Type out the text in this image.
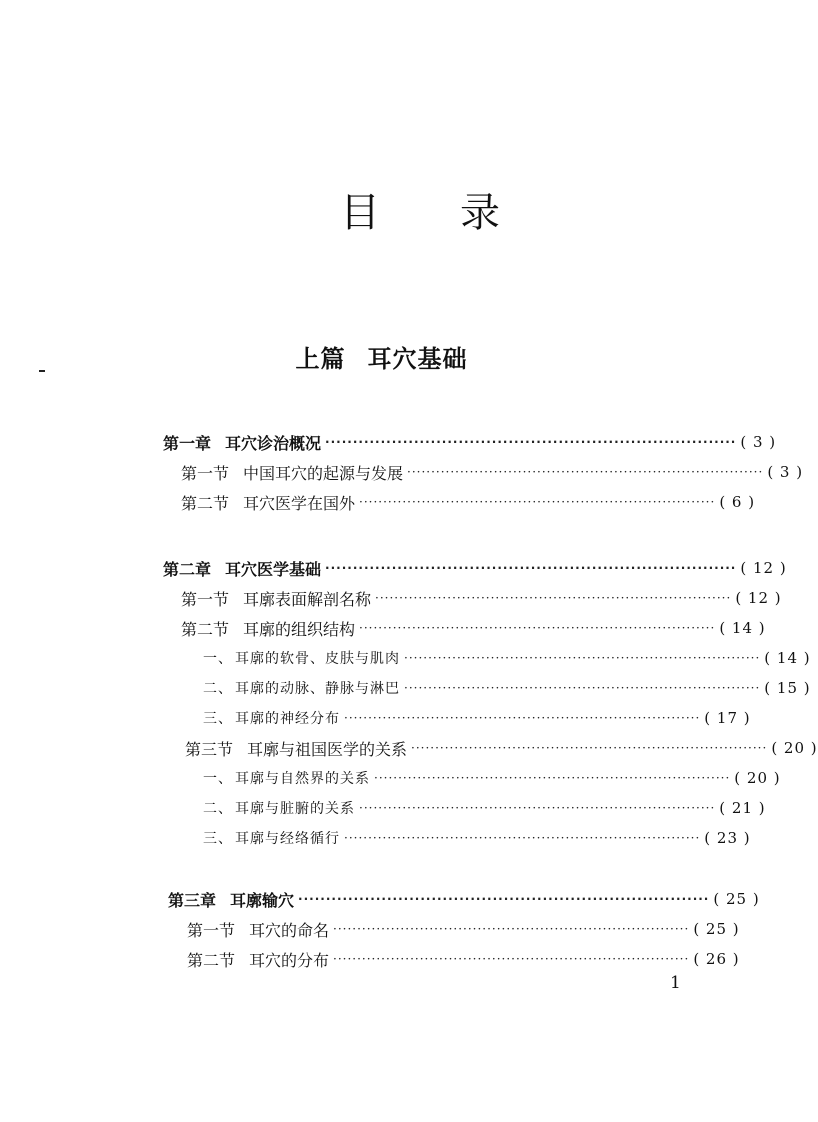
目 录
上篇 耳穴基础
第一章 耳穴诊治概况 ·········································································· ( 3 )
第一节 中国耳穴的起源与发展 ·········································································· ( 3 )
第二节 耳穴医学在国外 ·········································································· ( 6 )
第二章 耳穴医学基础 ·········································································· ( 12 )
第一节 耳廓表面解剖名称 ·········································································· ( 12 )
第二节 耳廓的组织结构 ·········································································· ( 14 )
一、 耳廓的软骨、皮肤与肌肉 ·········································································· ( 14 )
二、 耳廓的动脉、静脉与淋巴 ·········································································· ( 15 )
三、 耳廓的神经分布 ·········································································· ( 17 )
第三节 耳廓与祖国医学的关系 ·········································································· ( 20 )
一、 耳廓与自然界的关系 ·········································································· ( 20 )
二、 耳廓与脏腑的关系 ·········································································· ( 21 )
三、 耳廓与经络循行 ·········································································· ( 23 )
第三章 耳廓输穴 ·········································································· ( 25 )
第一节 耳穴的命名 ·········································································· ( 25 )
第二节 耳穴的分布 ·········································································· ( 26 )
1
